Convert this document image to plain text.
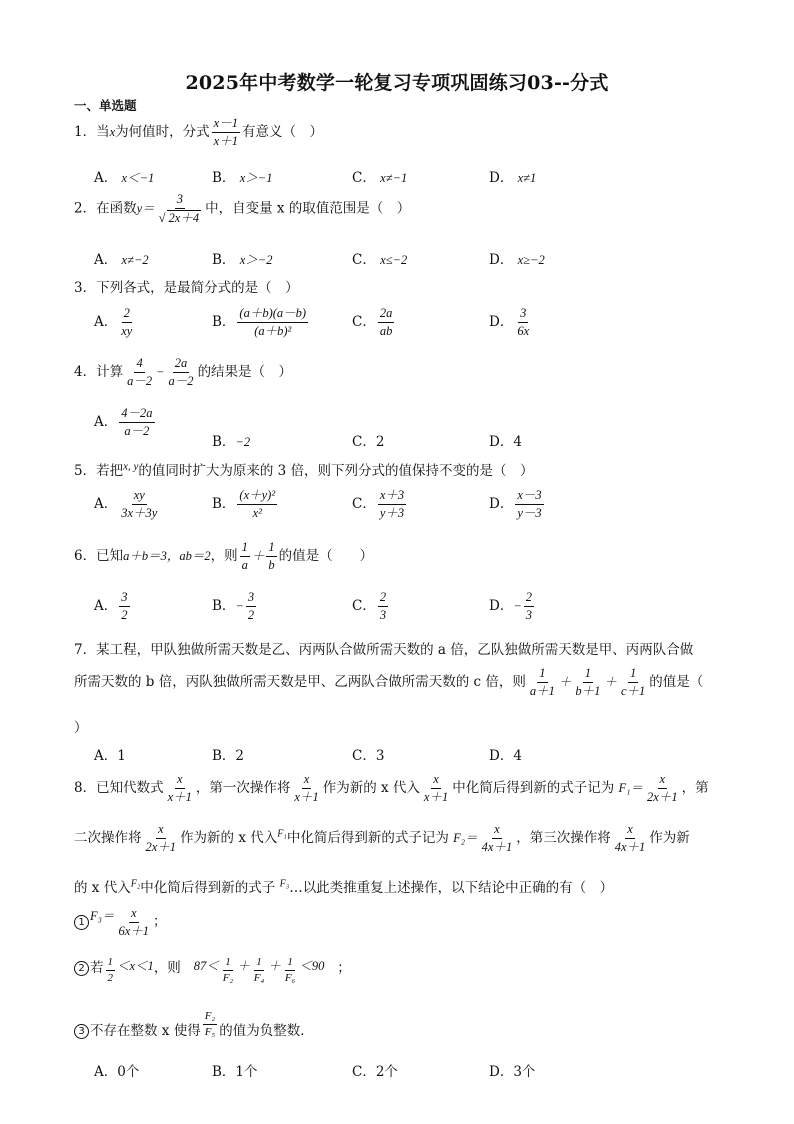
2025年中考数学一轮复习专项巩固练习03--分式
一、单选题
1．当x为何值时，分式 $\frac{x-1}{x+1}$ 有意义（　）
A． x＜−1	B． x＞−1	C． x≠−1	D． x≠1
2．在函数$y= \frac{3}{√ 2x+4}$ 中，自变量 x 的取值范围是（　）
A． x≠−2	B． x＞−2	C． x≤−2	D． x≥−2
3．下列各式，是最简分式的是（　）
A． $\frac{2}{xy}$	B． $\frac{(a+b)(a-b)}{\text{(a＋b)²}}$	C． $\frac{2a}{ab}$	D． $\frac{3}{6x}$
4．计算 $\frac{4}{a-2} - \frac{2a}{a-2}$ 的结果是（　）
A． $\frac{4-2a}{a-2}$
B．−2	C．2	D．4
5．若把$^{x, y}$的值同时扩大为原来的 3 倍，则下列分式的值保持不变的是（　）
A． $\frac{xy}{3x+3y}$	B． $\frac{\text{(x＋y)²}}{\text{x²}}$	C． $\frac{x+3}{y+3}$	D． $\frac{x-3}{y-3}$
6．已知a＋b＝3，ab＝2，则 $\frac{1}{a} + \frac{1}{b}$ 的值是（　　）
A． $\frac{3}{2}$	B．− $\frac{3}{2}$	C． $\frac{2}{3}$	D．− $\frac{2}{3}$
7．某工程，甲队独做所需天数是乙、丙两队合做所需天数的 a 倍，乙队独做所需天数是甲、丙两队合做
所需天数的 b 倍，丙队独做所需天数是甲、乙两队合做所需天数的 c 倍，则 $\frac{1}{a+1} + \frac{1}{b+1} + \frac{1}{c+1}$ 的值是（
）
A．1	B．2	C．3	D．4
8．已知代数式 $\frac{x}{x+1}$ ，第一次操作将 $\frac{x}{x+1}$ 作为新的 x 代入 $\frac{x}{x+1}$ 中化简后得到新的式子记为 $F_1= \frac{x}{2x+1}$ ，第
二次操作将 $\frac{x}{2x+1}$ 作为新的 x 代入$^{F_1}$中化简后得到新的式子记为 $F_2= \frac{x}{4x+1}$ ，第三次操作将 $\frac{x}{4x+1}$ 作为新
的 x 代入$^{F_2}$中化简后得到新的式子 $^{F_3}$…以此类推重复上述操作，以下结论中正确的有（　）
1 $F_3= \frac{x}{6x+1}$ ；
2 若 $\frac{1}{2} <x<1$，则 $87< \frac{1}{\text{F₂}} + \frac{1}{\text{F₄}} + \frac{1}{\text{F₆}} <90$ ；
3 不存在整数 x 使得 $\frac{\text{F₂}}{\text{F₅}}$ 的值为负整数．
A．0个	B．1个	C．2个	D．3个
